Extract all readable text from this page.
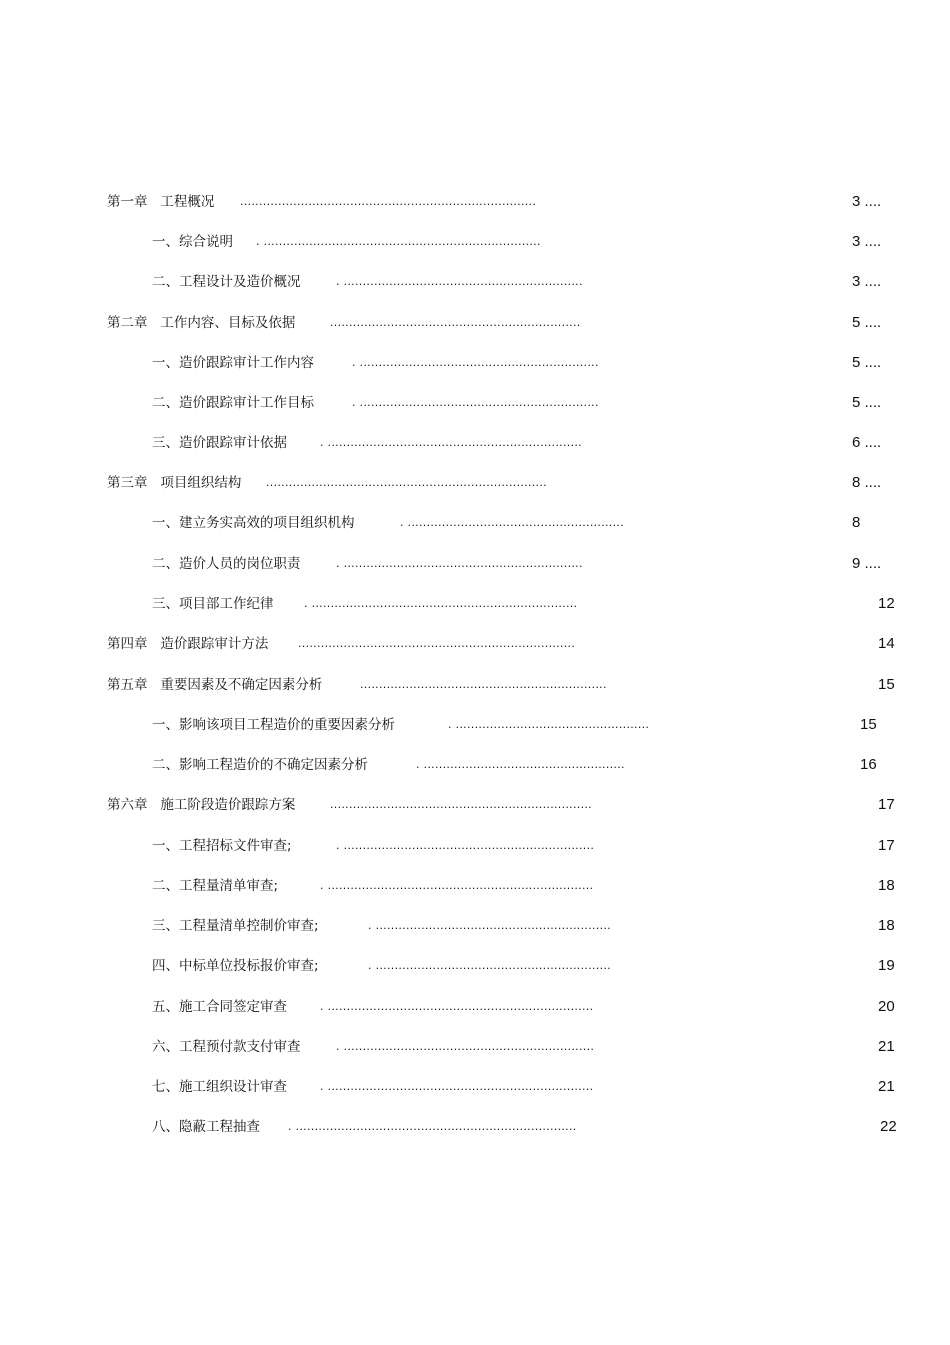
第一章   工程概况 ..............................................................................	3 ....
一、综合说明 . .........................................................................	3 ....
二、工程设计及造价概况	. ...............................................................	3 ....
第二章   工作内容、目标及依据	..................................................................	5 ....
一、造价跟踪审计工作内容	. ...............................................................	5 ....
二、造价跟踪审计工作目标	. ...............................................................	5 ....
三、造价跟踪审计依据	. ...................................................................	6 ....
第三章   项目组织结构 ..........................................................................	8 ....
一、建立务实高效的项目组织机构	. .........................................................	8
二、造价人员的岗位职责	. ...............................................................	9 ....
三、项目部工作纪律	. ......................................................................	12
第四章   造价跟踪审计方法	.........................................................................	14
第五章   重要因素及不确定因素分析	.................................................................	15
一、影响该项目工程造价的重要因素分析	. ...................................................	15
二、影响工程造价的不确定因素分析	. .....................................................	16
第六章   施工阶段造价跟踪方案	.....................................................................	17
一、工程招标文件审查;	. ..................................................................	17
二、工程量清单审查;	. ......................................................................	18
三、工程量清单控制价审查;	. ..............................................................	18
四、中标单位投标报价审查;	. ..............................................................	19
五、施工合同签定审查	. ......................................................................	20
六、工程预付款支付审查	. ..................................................................	21
七、施工组织设计审查	. ......................................................................	21
八、隐蔽工程抽查	. ..........................................................................	22
